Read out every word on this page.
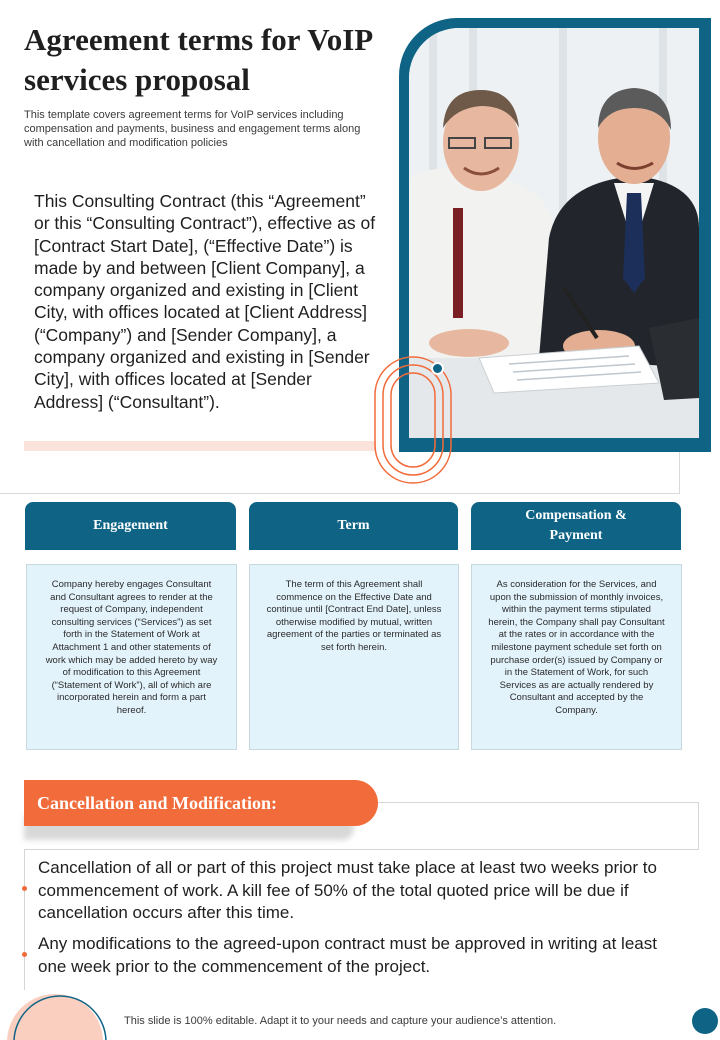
Agreement terms for VoIP services proposal
This template covers agreement terms for VoIP services including compensation and payments, business and engagement terms along with cancellation and modification policies
This Consulting Contract (this “Agreement” or this “Consulting Contract”), effective as of [Contract Start Date], (“Effective Date”) is made by and between [Client Company], a company organized and existing in [Client City, with offices located at [Client Address] (“Company”) and [Sender Company], a company organized and existing in [Sender City], with offices located at [Sender Address] (“Consultant”).
Engagement	Term
Compensation & Payment
Company hereby engages Consultant and Consultant agrees to render at the request of Company, independent consulting services (“Services”) as set forth in the Statement of Work at Attachment 1 and other statements of work which may be added hereto by way of modification to this Agreement (“Statement of Work”), all of which are incorporated herein and form a part hereof.
The term of this Agreement shall commence on the Effective Date and continue until [Contract End Date], unless otherwise modified by mutual, written agreement of the parties or terminated as set forth herein.
As consideration for the Services, and upon the submission of monthly invoices, within the payment terms stipulated herein, the Company shall pay Consultant at the rates or in accordance with the milestone payment schedule set forth on purchase order(s) issued by Company or in the Statement of Work, for such Services as are actually rendered by Consultant and accepted by the Company.
Cancellation and Modification:
Cancellation of all or part of this project must take place at least two weeks prior to commencement of work. A kill fee of 50% of the total quoted price will be due if cancellation occurs after this time.
Any modifications to the agreed-upon contract must be approved in writing at least one week prior to the commencement of the project.
This slide is 100% editable. Adapt it to your needs and capture your audience’s attention.
